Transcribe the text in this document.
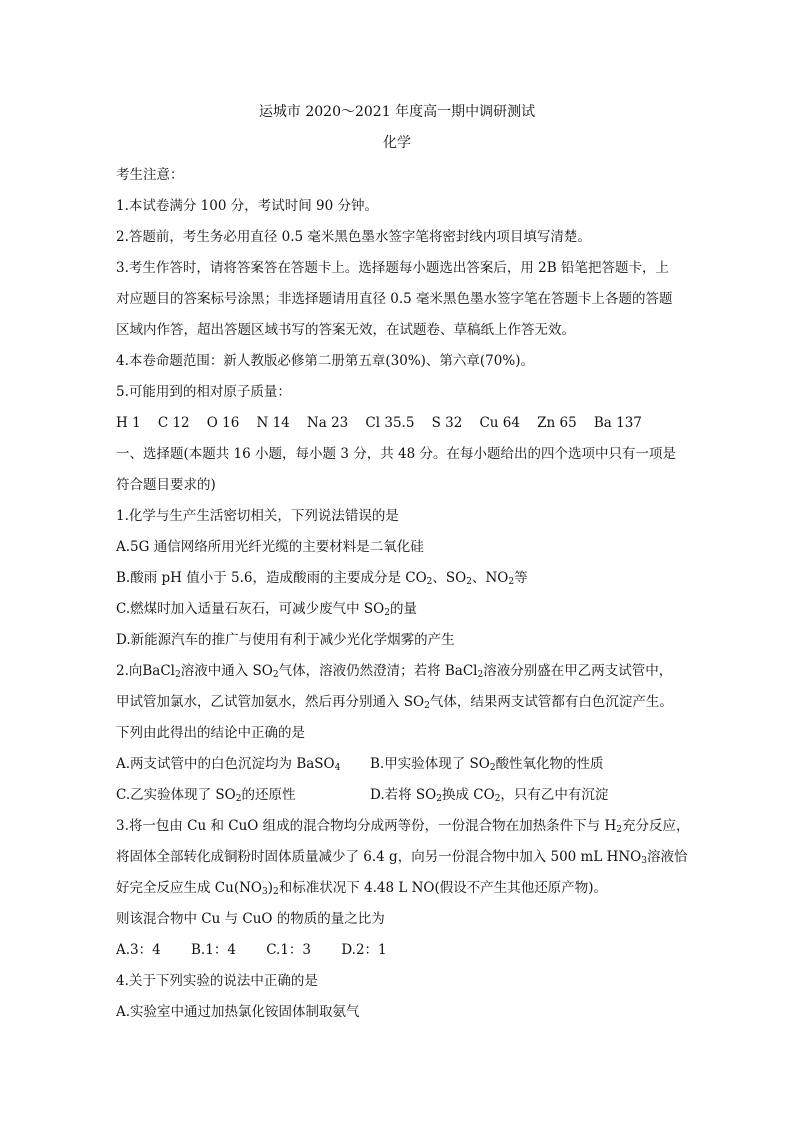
运城市 2020～2021 年度高一期中调研测试
化学
考生注意：
1.本试卷满分 100 分，考试时间 90 分钟。
2.答题前，考生务必用直径 0.5 毫米黑色墨水签字笔将密封线内项目填写清楚。
3.考生作答时，请将答案答在答题卡上。选择题每小题选出答案后，用 2B 铅笔把答题卡，上
对应题目的答案标号涂黑；非选择题请用直径 0.5 毫米黑色墨水签字笔在答题卡上各题的答题
区域内作答，超出答题区域书写的答案无效，在试题卷、草稿纸上作答无效。
4.本卷命题范围：新人教版必修第二册第五章(30%)、第六章(70%)。
5.可能用到的相对原子质量：
H 1    C 12    O 16    N 14    Na 23    Cl 35.5    S 32    Cu 64    Zn 65    Ba 137
一、选择题(本题共 16 小题，每小题 3 分，共 48 分。在每小题给出的四个选项中只有一项是
符合题目要求的)
1.化学与生产生活密切相关，下列说法错误的是
A.5G 通信网络所用光纤光缆的主要材料是二氧化硅
B.酸雨 pH 值小于 5.6，造成酸雨的主要成分是 $CO_2$、$SO_2$、$NO_2$等
C.燃煤时加入适量石灰石，可减少废气中 $SO_2$的量
D.新能源汽车的推广与使用有利于减少光化学烟雾的产生
2.向BaCl$_2$溶液中通入 $SO_2$气体，溶液仍然澄清；若将 BaCl$_2$溶液分别盛在甲乙两支试管中，
甲试管加氯水，乙试管加氨水，然后再分别通入 $SO_2$气体，结果两支试管都有白色沉淀产生。
下列由此得出的结论中正确的是
A.两支试管中的白色沉淀均为 BaSO$_4$ B.甲实验体现了 $SO_2$酸性氧化物的性质
C.乙实验体现了 $SO_2$的还原性	D.若将 $SO_2$换成 $CO_2$，只有乙中有沉淀
3.将一包由 Cu 和 CuO 组成的混合物均分成两等份，一份混合物在加热条件下与 $H_2$充分反应，
将固体全部转化成铜粉时固体质量减少了 6.4 g，向另一份混合物中加入 500 mL $HNO_3$溶液恰
好完全反应生成 $Cu(NO_3)_2$和标准状况下 4.48 L NO(假设不产生其他还原产物)。
则该混合物中 Cu 与 CuO 的物质的量之比为
A.3：4 B.1：4 C.1：3 D.2：1
4.关于下列实验的说法中正确的是
A.实验室中通过加热氯化铵固体制取氨气
